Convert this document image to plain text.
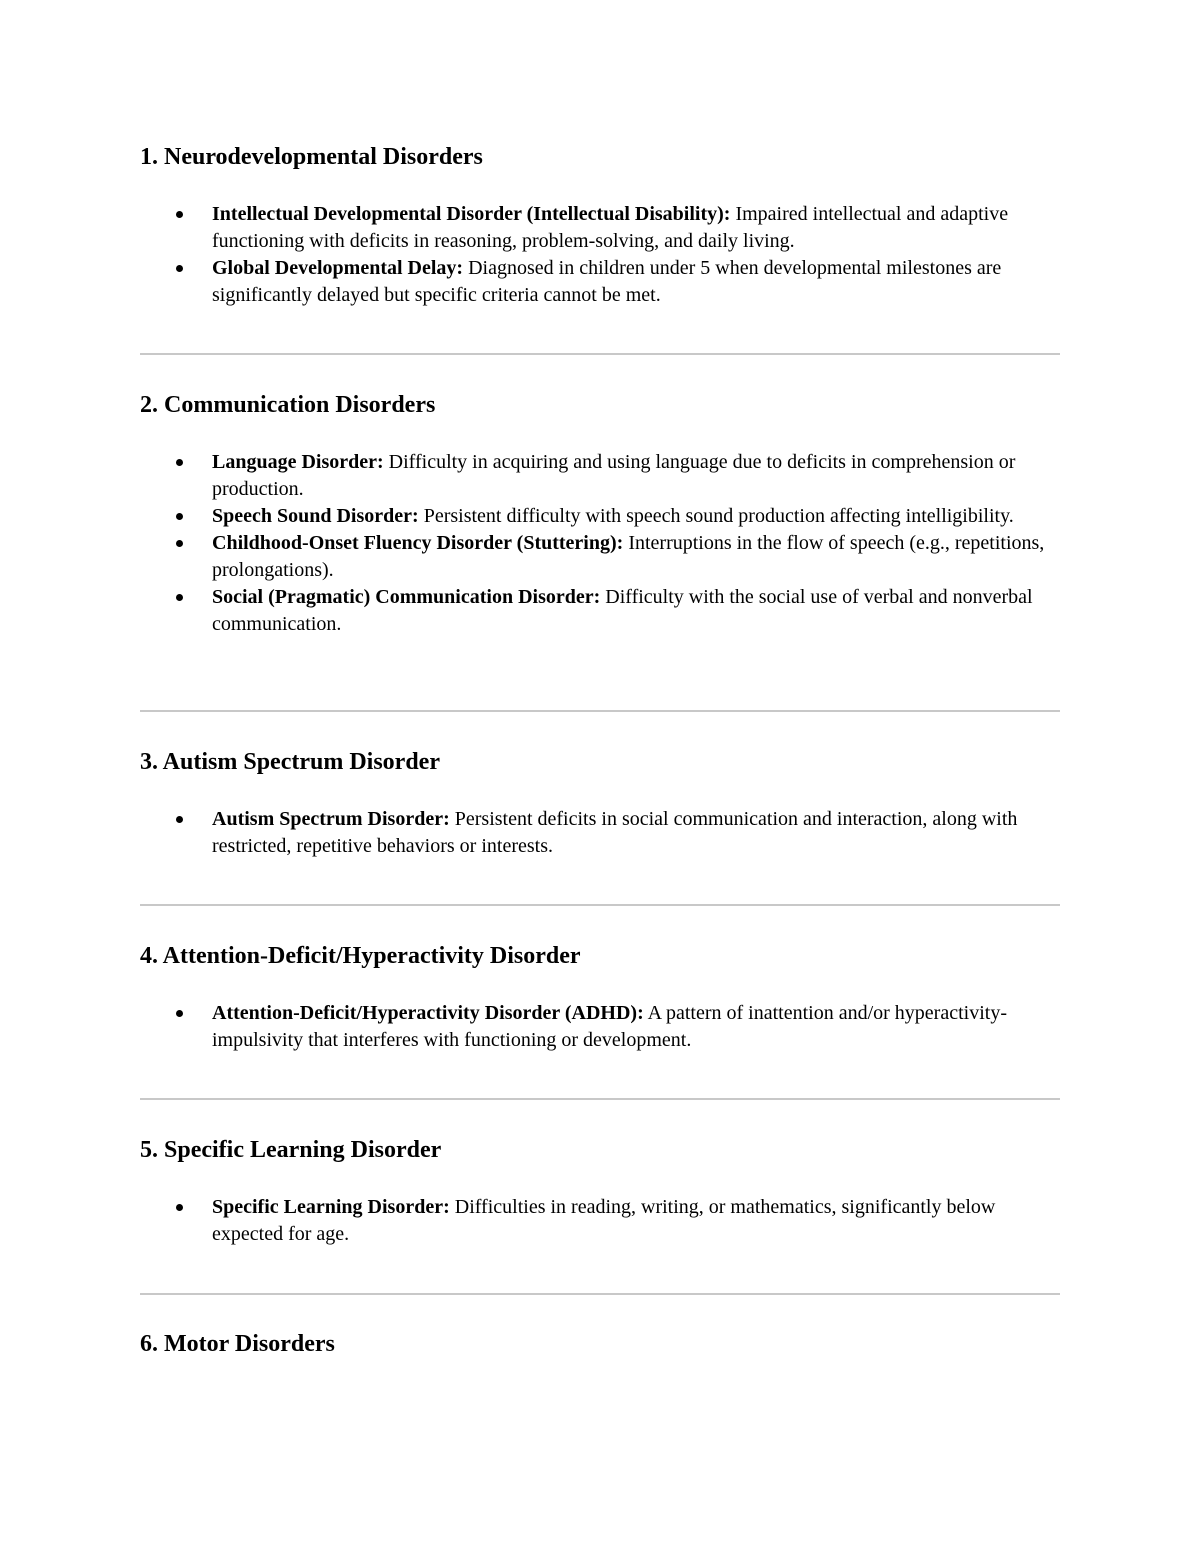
1. Neurodevelopmental Disorders
Intellectual Developmental Disorder (Intellectual Disability): Impaired intellectual and adaptive functioning with deficits in reasoning, problem-solving, and daily living.
Global Developmental Delay: Diagnosed in children under 5 when developmental milestones are significantly delayed but specific criteria cannot be met.
2. Communication Disorders
Language Disorder: Difficulty in acquiring and using language due to deficits in comprehension or production.
Speech Sound Disorder: Persistent difficulty with speech sound production affecting intelligibility.
Childhood-Onset Fluency Disorder (Stuttering): Interruptions in the flow of speech (e.g., repetitions, prolongations).
Social (Pragmatic) Communication Disorder: Difficulty with the social use of verbal and nonverbal communication.
3. Autism Spectrum Disorder
Autism Spectrum Disorder: Persistent deficits in social communication and interaction, along with restricted, repetitive behaviors or interests.
4. Attention-Deficit/Hyperactivity Disorder
Attention-Deficit/Hyperactivity Disorder (ADHD): A pattern of inattention and/or hyperactivity-impulsivity that interferes with functioning or development.
5. Specific Learning Disorder
Specific Learning Disorder: Difficulties in reading, writing, or mathematics, significantly below expected for age.
6. Motor Disorders
